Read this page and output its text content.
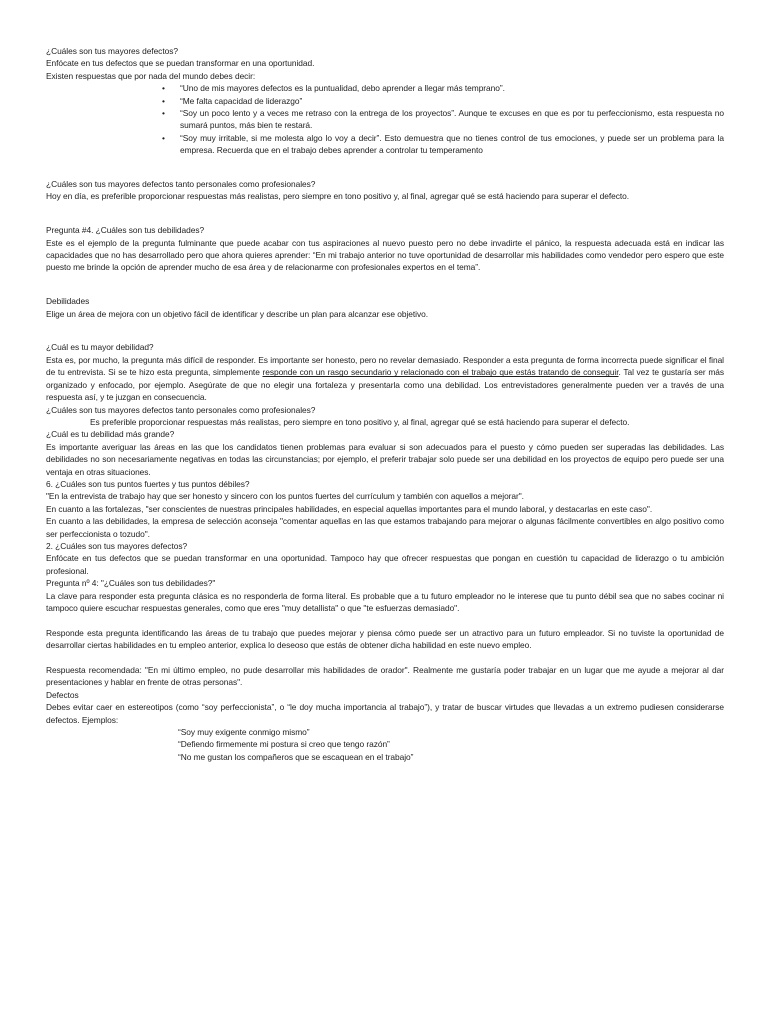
¿Cuáles son tus mayores defectos?

Enfócate en tus defectos que se puedan transformar en una oportunidad.

Existen respuestas que por nada del mundo debes decir:

• “Uno de mis mayores defectos es la puntualidad, debo aprender a llegar más temprano”.
• “Me falta capacidad de liderazgo”
• “Soy un poco lento y a veces me retraso con la entrega de los proyectos”. Aunque te excuses en que es por tu perfeccionismo, esta respuesta no sumará puntos, más bien te restará.
• “Soy muy irritable, si me molesta algo lo voy a decir”. Esto demuestra que no tienes control de tus emociones, y puede ser un problema para la empresa. Recuerda que en el trabajo debes aprender a controlar tu temperamento

¿Cuáles son tus mayores defectos tanto personales como profesionales?

Hoy en día, es preferible proporcionar respuestas más realistas, pero siempre en tono positivo y, al final, agregar qué se está haciendo para superar el defecto.

Pregunta #4. ¿Cuáles son tus debilidades?

Este es el ejemplo de la pregunta fulminante que puede acabar con tus aspiraciones al nuevo puesto pero no debe invadirte el pánico, la respuesta adecuada está en indicar las capacidades que no has desarrollado pero que ahora quieres aprender: “En mi trabajo anterior no tuve oportunidad de desarrollar mis habilidades como vendedor pero espero que este puesto me brinde la opción de aprender mucho de esa área y de relacionarme con profesionales expertos en el tema”.

Debilidades

Elige un área de mejora con un objetivo fácil de identificar y describe un plan para alcanzar ese objetivo.

¿Cuál es tu mayor debilidad?

Esta es, por mucho, la pregunta más difícil de responder. Es importante ser honesto, pero no revelar demasiado. Responder a esta pregunta de forma incorrecta puede significar el final de tu entrevista. Si se te hizo esta pregunta, simplemente responde con un rasgo secundario y relacionado con el trabajo que estás tratando de conseguir. Tal vez te gustaría ser más organizado y enfocado, por ejemplo. Asegúrate de que no elegir una fortaleza y presentarla como una debilidad. Los entrevistadores generalmente pueden ver a través de una respuesta así, y te juzgan en consecuencia.

¿Cuáles son tus mayores defectos tanto personales como profesionales?

Es preferible proporcionar respuestas más realistas, pero siempre en tono positivo y, al final, agregar qué se está haciendo para superar el defecto.

¿Cuál es tu debilidad más grande?

Es importante averiguar las áreas en las que los candidatos tienen problemas para evaluar si son adecuados para el puesto y cómo pueden ser superadas las debilidades. Las debilidades no son necesariamente negativas en todas las circunstancias; por ejemplo, el preferir trabajar solo puede ser una debilidad en los proyectos de equipo pero puede ser una ventaja en otras situaciones.

6. ¿Cuáles son tus puntos fuertes y tus puntos débiles?

"En la entrevista de trabajo hay que ser honesto y sincero con los puntos fuertes del currículum y también con aquellos a mejorar".

En cuanto a las fortalezas, "ser conscientes de nuestras principales habilidades, en especial aquellas importantes para el mundo laboral, y destacarlas en este caso".

En cuanto a las debilidades, la empresa de selección aconseja "comentar aquellas en las que estamos trabajando para mejorar o algunas fácilmente convertibles en algo positivo como ser perfeccionista o tozudo".

2. ¿Cuáles son tus mayores defectos?

Enfócate en tus defectos que se puedan transformar en una oportunidad. Tampoco hay que ofrecer respuestas que pongan en cuestión tu capacidad de liderazgo o tu ambición profesional.

Pregunta nº 4: "¿Cuáles son tus debilidades?"

La clave para responder esta pregunta clásica es no responderla de forma literal. Es probable que a tu futuro empleador no le interese que tu punto débil sea que no sabes cocinar ni tampoco quiere escuchar respuestas generales, como que eres "muy detallista" o que "te esfuerzas demasiado".

Responde esta pregunta identificando las áreas de tu trabajo que puedes mejorar y piensa cómo puede ser un atractivo para un futuro empleador. Si no tuviste la oportunidad de desarrollar ciertas habilidades en tu empleo anterior, explica lo deseoso que estás de obtener dicha habilidad en este nuevo empleo.

Respuesta recomendada: "En mi último empleo, no pude desarrollar mis habilidades de orador". Realmente me gustaría poder trabajar en un lugar que me ayude a mejorar al dar presentaciones y hablar en frente de otras personas".

Defectos

Debes evitar caer en estereotipos (como “soy perfeccionista”, o “le doy mucha importancia al trabajo”), y tratar de buscar virtudes que llevadas a un extremo pudiesen considerarse defectos. Ejemplos:

“Soy muy exigente conmigo mismo”

“Defiendo firmemente mi postura si creo que tengo razón”

“No me gustan los compañeros que se escaquean en el trabajo”
